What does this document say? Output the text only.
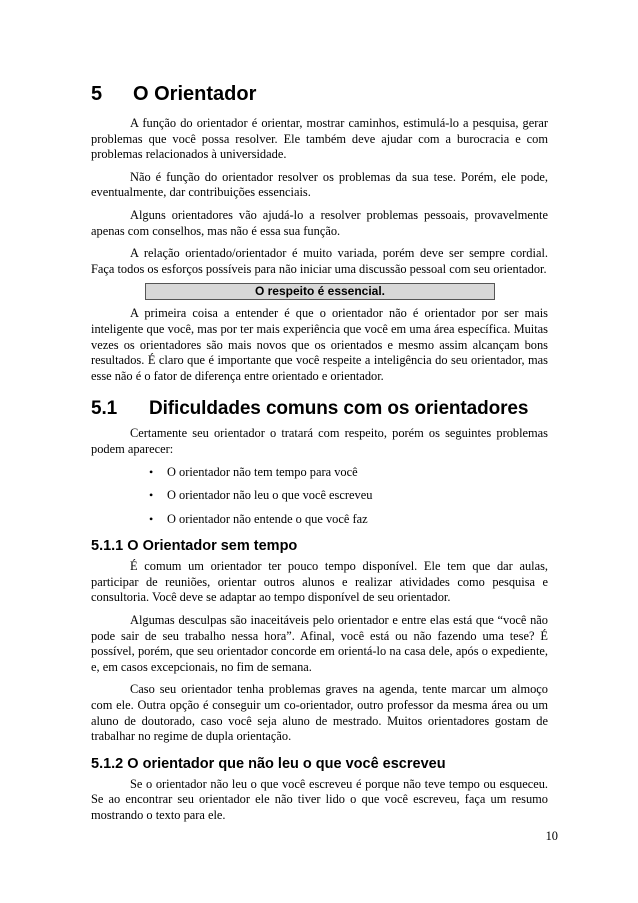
5	O Orientador

A função do orientador é orientar, mostrar caminhos, estimulá-lo a pesquisa, gerar problemas que você possa resolver. Ele também deve ajudar com a burocracia e com problemas relacionados à universidade.

Não é função do orientador resolver os problemas da sua tese. Porém, ele pode, eventualmente, dar contribuições essenciais.

Alguns orientadores vão ajudá-lo a resolver problemas pessoais, provavelmente apenas com conselhos, mas não é essa sua função.

A relação orientado/orientador é muito variada, porém deve ser sempre cordial. Faça todos os esforços possíveis para não iniciar uma discussão pessoal com seu orientador.

O respeito é essencial.

A primeira coisa a entender é que o orientador não é orientador por ser mais inteligente que você, mas por ter mais experiência que você em uma área específica. Muitas vezes os orientadores são mais novos que os orientados e mesmo assim alcançam bons resultados. É claro que é importante que você respeite a inteligência do seu orientador, mas esse não é o fator de diferença entre orientado e orientador.

5.1	Dificuldades comuns com os orientadores

Certamente seu orientador o tratará com respeito, porém os seguintes problemas podem aparecer:

• O orientador não tem tempo para você
• O orientador não leu o que você escreveu
• O orientador não entende o que você faz
5.1.1 O Orientador sem tempo

É comum um orientador ter pouco tempo disponível. Ele tem que dar aulas, participar de reuniões, orientar outros alunos e realizar atividades como pesquisa e consultoria. Você deve se adaptar ao tempo disponível de seu orientador.

Algumas desculpas são inaceitáveis pelo orientador e entre elas está que “você não pode sair de seu trabalho nessa hora”. Afinal, você está ou não fazendo uma tese? É possível, porém, que seu orientador concorde em orientá-lo na casa dele, após o expediente, e, em casos excepcionais, no fim de semana.

Caso seu orientador tenha problemas graves na agenda, tente marcar um almoço com ele. Outra opção é conseguir um co-orientador, outro professor da mesma área ou um aluno de doutorado, caso você seja aluno de mestrado. Muitos orientadores gostam de trabalhar no regime de dupla orientação.

5.1.2 O orientador que não leu o que você escreveu

Se o orientador não leu o que você escreveu é porque não teve tempo ou esqueceu. Se ao encontrar seu orientador ele não tiver lido o que você escreveu, faça um resumo mostrando o texto para ele.

10
